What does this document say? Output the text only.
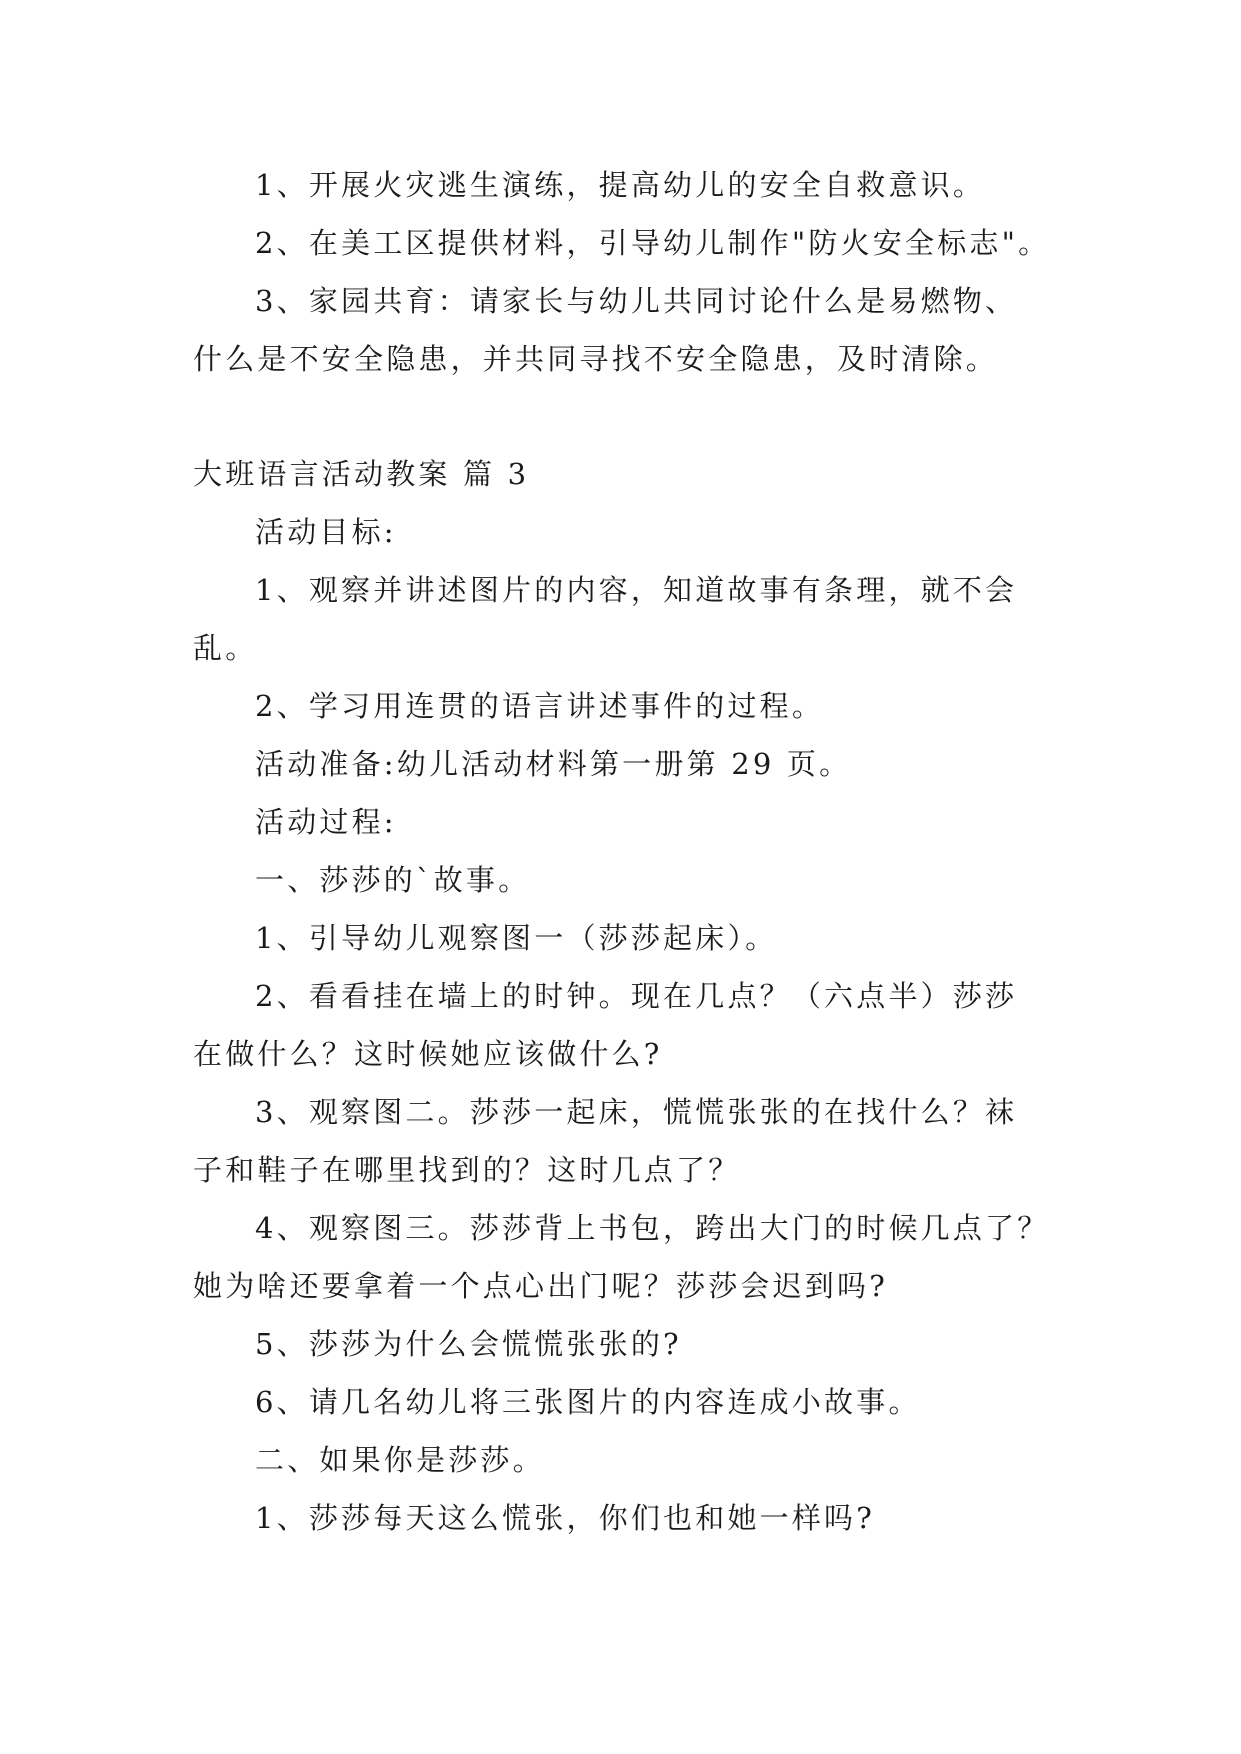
1、开展火灾逃生演练，提高幼儿的安全自救意识。
2、在美工区提供材料，引导幼儿制作"防火安全标志"。
3、家园共育：请家长与幼儿共同讨论什么是易燃物、
什么是不安全隐患，并共同寻找不安全隐患，及时清除。
大班语言活动教案 篇 3
活动目标:
1、观察并讲述图片的内容，知道故事有条理，就不会
乱。
2、学习用连贯的语言讲述事件的过程。
活动准备:幼儿活动材料第一册第 29 页。
活动过程:
一、莎莎的`故事。
1、引导幼儿观察图一（莎莎起床）。
2、看看挂在墙上的时钟。现在几点？（六点半）莎莎
在做什么？这时候她应该做什么?
3、观察图二。莎莎一起床，慌慌张张的在找什么？袜
子和鞋子在哪里找到的？这时几点了？
4、观察图三。莎莎背上书包，跨出大门的时候几点了？
她为啥还要拿着一个点心出门呢？莎莎会迟到吗?
5、莎莎为什么会慌慌张张的?
6、请几名幼儿将三张图片的内容连成小故事。
二、如果你是莎莎。
1、莎莎每天这么慌张，你们也和她一样吗?
